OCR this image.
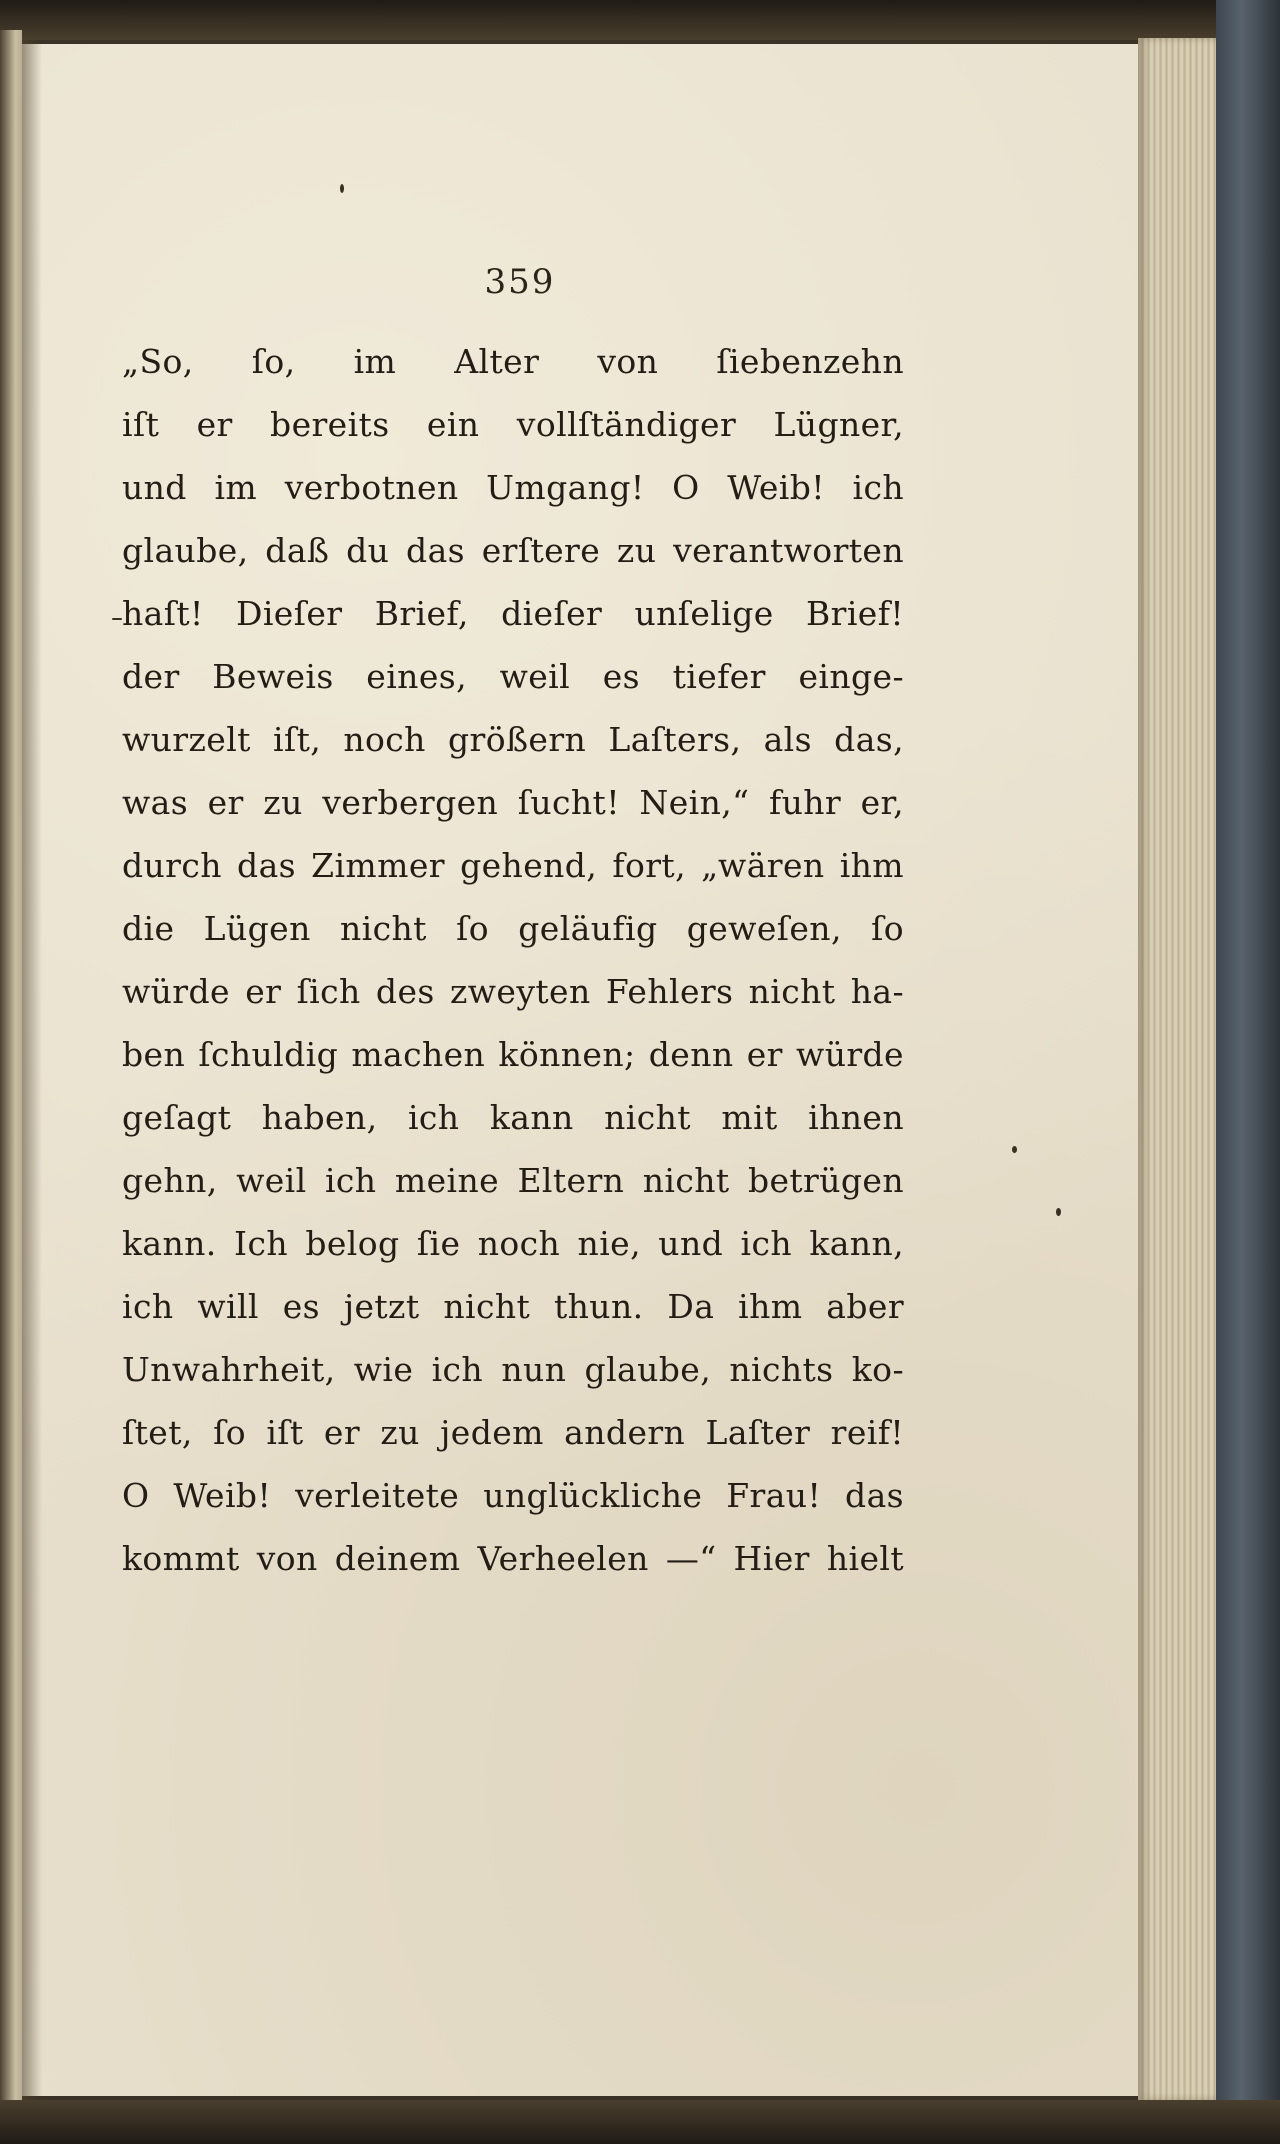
359
„So, ſo, im Alter von ſiebenzehn
iſt er bereits ein vollſtändiger Lügner,
und im verbotnen Umgang! O Weib! ich
glaube, daß du das erſtere zu verantworten
haſt! Dieſer Brief, dieſer unſelige Brief!
der Beweis eines, weil es tiefer einge-
wurzelt iſt, noch größern Laſters, als das,
was er zu verbergen ſucht! Nein,“ fuhr er,
durch das Zimmer gehend, fort, „wären ihm
die Lügen nicht ſo geläufig geweſen, ſo
würde er ſich des zweyten Fehlers nicht ha-
ben ſchuldig machen können; denn er würde
geſagt haben, ich kann nicht mit ihnen
gehn, weil ich meine Eltern nicht betrügen
kann. Ich belog ſie noch nie, und ich kann,
ich will es jetzt nicht thun. Da ihm aber
Unwahrheit, wie ich nun glaube, nichts ko-
ſtet, ſo iſt er zu jedem andern Laſter reif!
O Weib! verleitete unglückliche Frau! das
kommt von deinem Verheelen —“ Hier hielt
